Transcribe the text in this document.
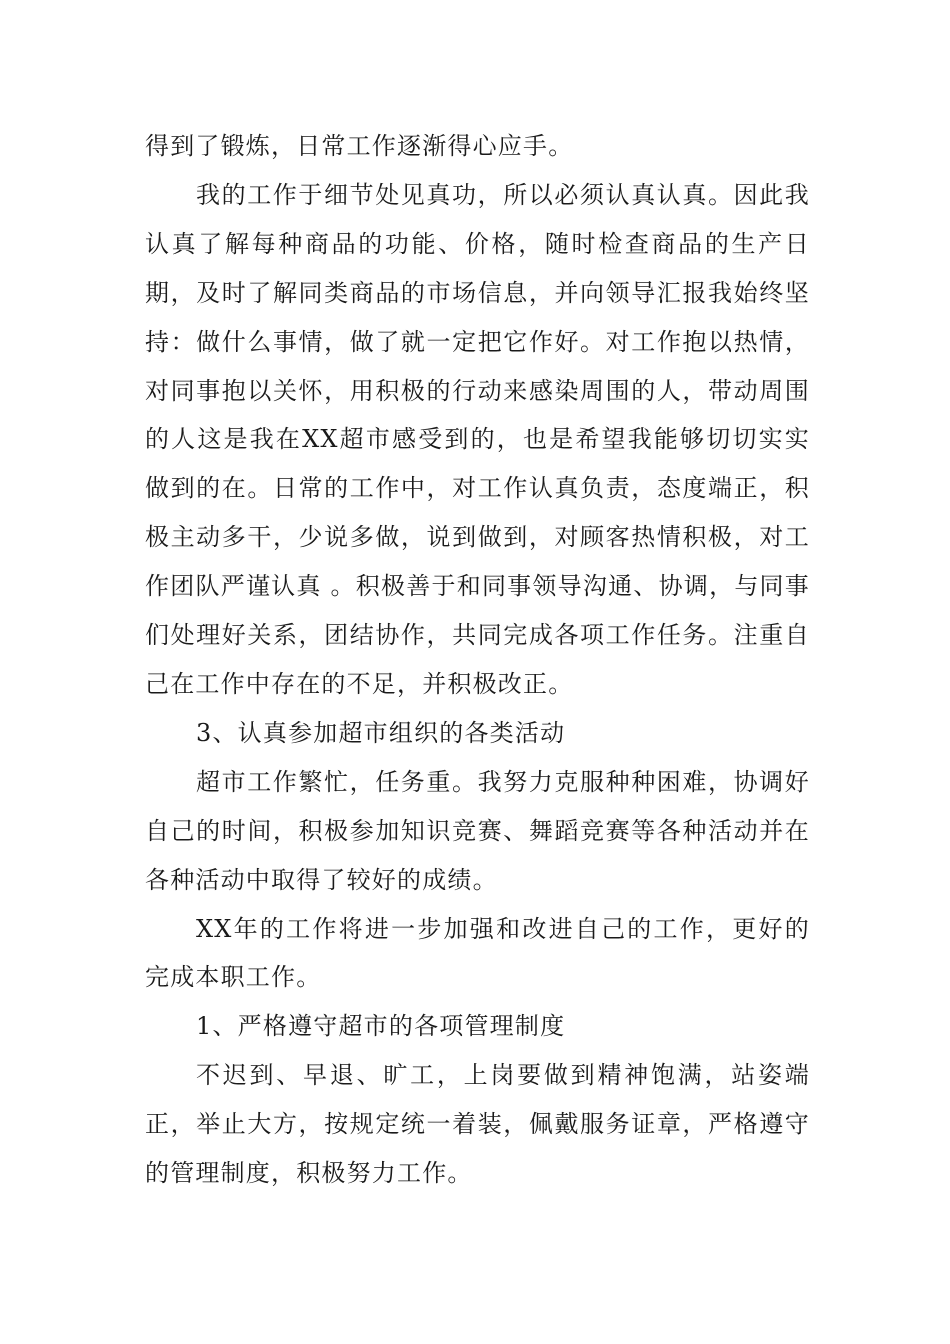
得到了锻炼，日常工作逐渐得心应手。

我的工作于细节处见真功，所以必须认真认真。因此我认真了解每种商品的功能、价格，随时检查商品的生产日期，及时了解同类商品的市场信息，并向领导汇报我始终坚持：做什么事情，做了就一定把它作好。对工作抱以热情，对同事抱以关怀，用积极的行动来感染周围的人，带动周围的人这是我在XX超市感受到的，也是希望我能够切切实实做到的在。日常的工作中，对工作认真负责，态度端正，积极主动多干，少说多做，说到做到，对顾客热情积极，对工作团队严谨认真 。积极善于和同事领导沟通、协调，与同事们处理好关系，团结协作，共同完成各项工作任务。注重自己在工作中存在的不足，并积极改正。

3、认真参加超市组织的各类活动

超市工作繁忙，任务重。我努力克服种种困难，协调好自己的时间，积极参加知识竞赛、舞蹈竞赛等各种活动并在各种活动中取得了较好的成绩。

XX年的工作将进一步加强和改进自己的工作，更好的完成本职工作。

1、严格遵守超市的各项管理制度

不迟到、早退、旷工，上岗要做到精神饱满，站姿端正，举止大方，按规定统一着装，佩戴服务证章，严格遵守的管理制度，积极努力工作。
